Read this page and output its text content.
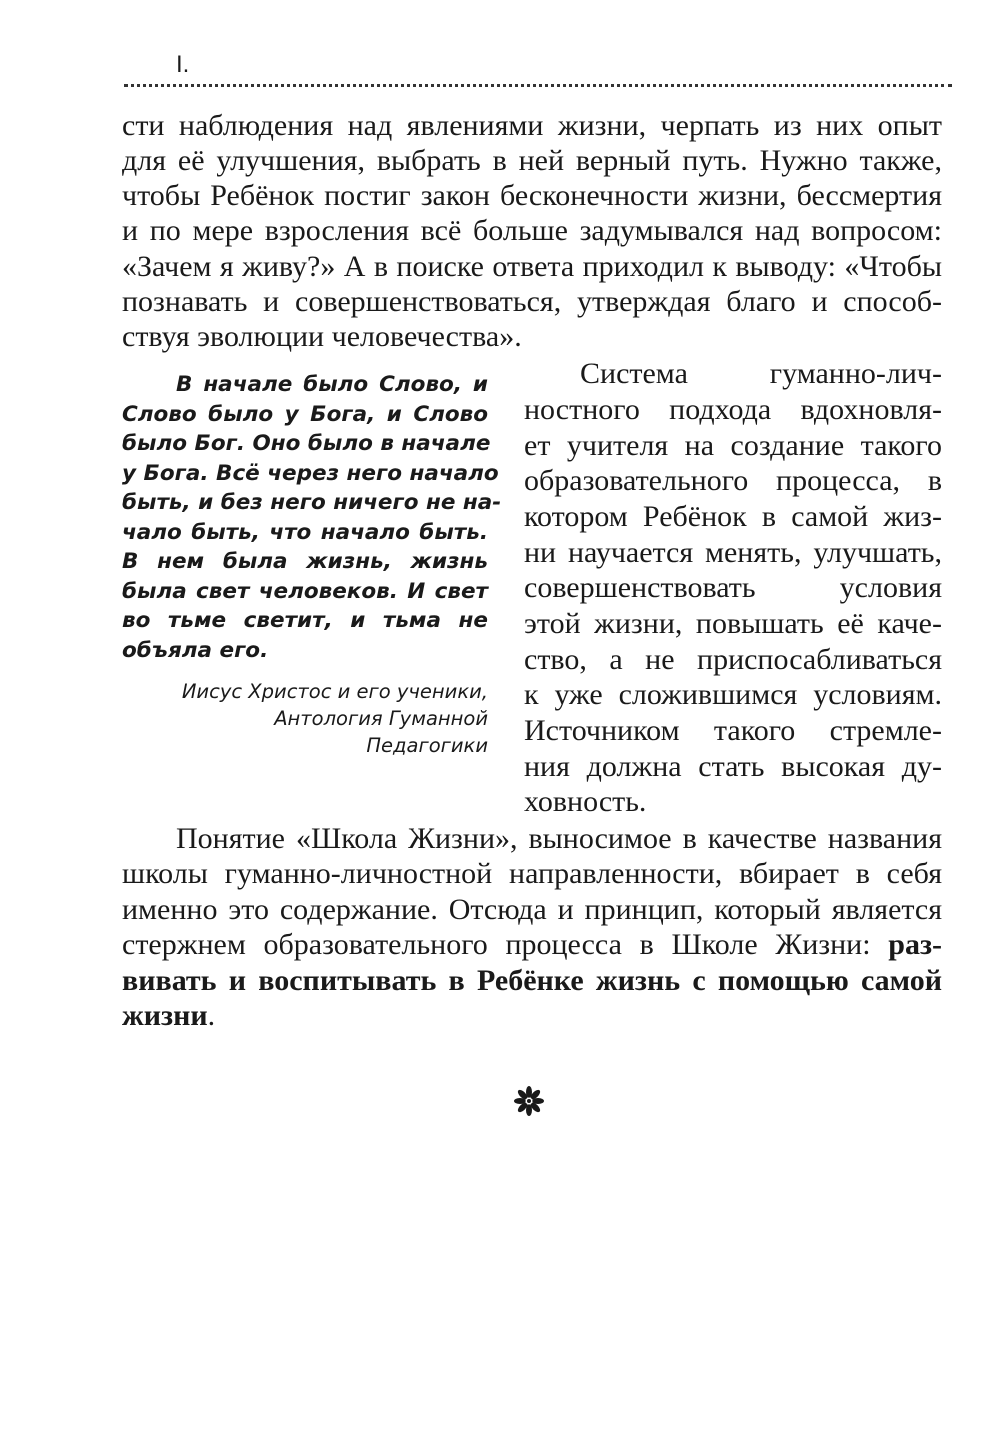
I.
сти наблюдения над явлениями жизни, черпать из них опыт
для её улучшения, выбрать в ней верный путь. Нужно также,
чтобы Ребёнок постиг закон бесконечности жизни, бессмертия
и по мере взросления всё больше задумывался над вопросом:
«Зачем я живу?» А в поиске ответа приходил к выводу: «Чтобы
познавать и совершенствоваться, утверждая благо и способ-
ствуя эволюции человечества».
В начале было Слово, и
Слово было у Бога, и Слово
было Бог. Оно было в начале
у Бога. Всё через него начало
быть, и без него ничего не на-
чало быть, что начало быть.
В нем была жизнь, жизнь
была свет человеков. И свет
во тьме светит, и тьма не
объяла его.
Иисус Христос и его ученики,
Антология Гуманной
Педагогики
Система гуманно-лич-
ностного подхода вдохновля-
ет учителя на создание такого
образовательного процесса, в
котором Ребёнок в самой жиз-
ни научается менять, улучшать,
совершенствовать условия
этой жизни, повышать её каче-
ство, а не приспосабливаться
к уже сложившимся условиям.
Источником такого стремле-
ния должна стать высокая ду-
ховность.
Понятие «Школа Жизни», выносимое в качестве названия
школы гуманно-личностной направленности, вбирает в себя
именно это содержание. Отсюда и принцип, который является
стержнем образовательного процесса в Школе Жизни: раз-
вивать и воспитывать в Ребёнке жизнь с помощью самой
жизни.
